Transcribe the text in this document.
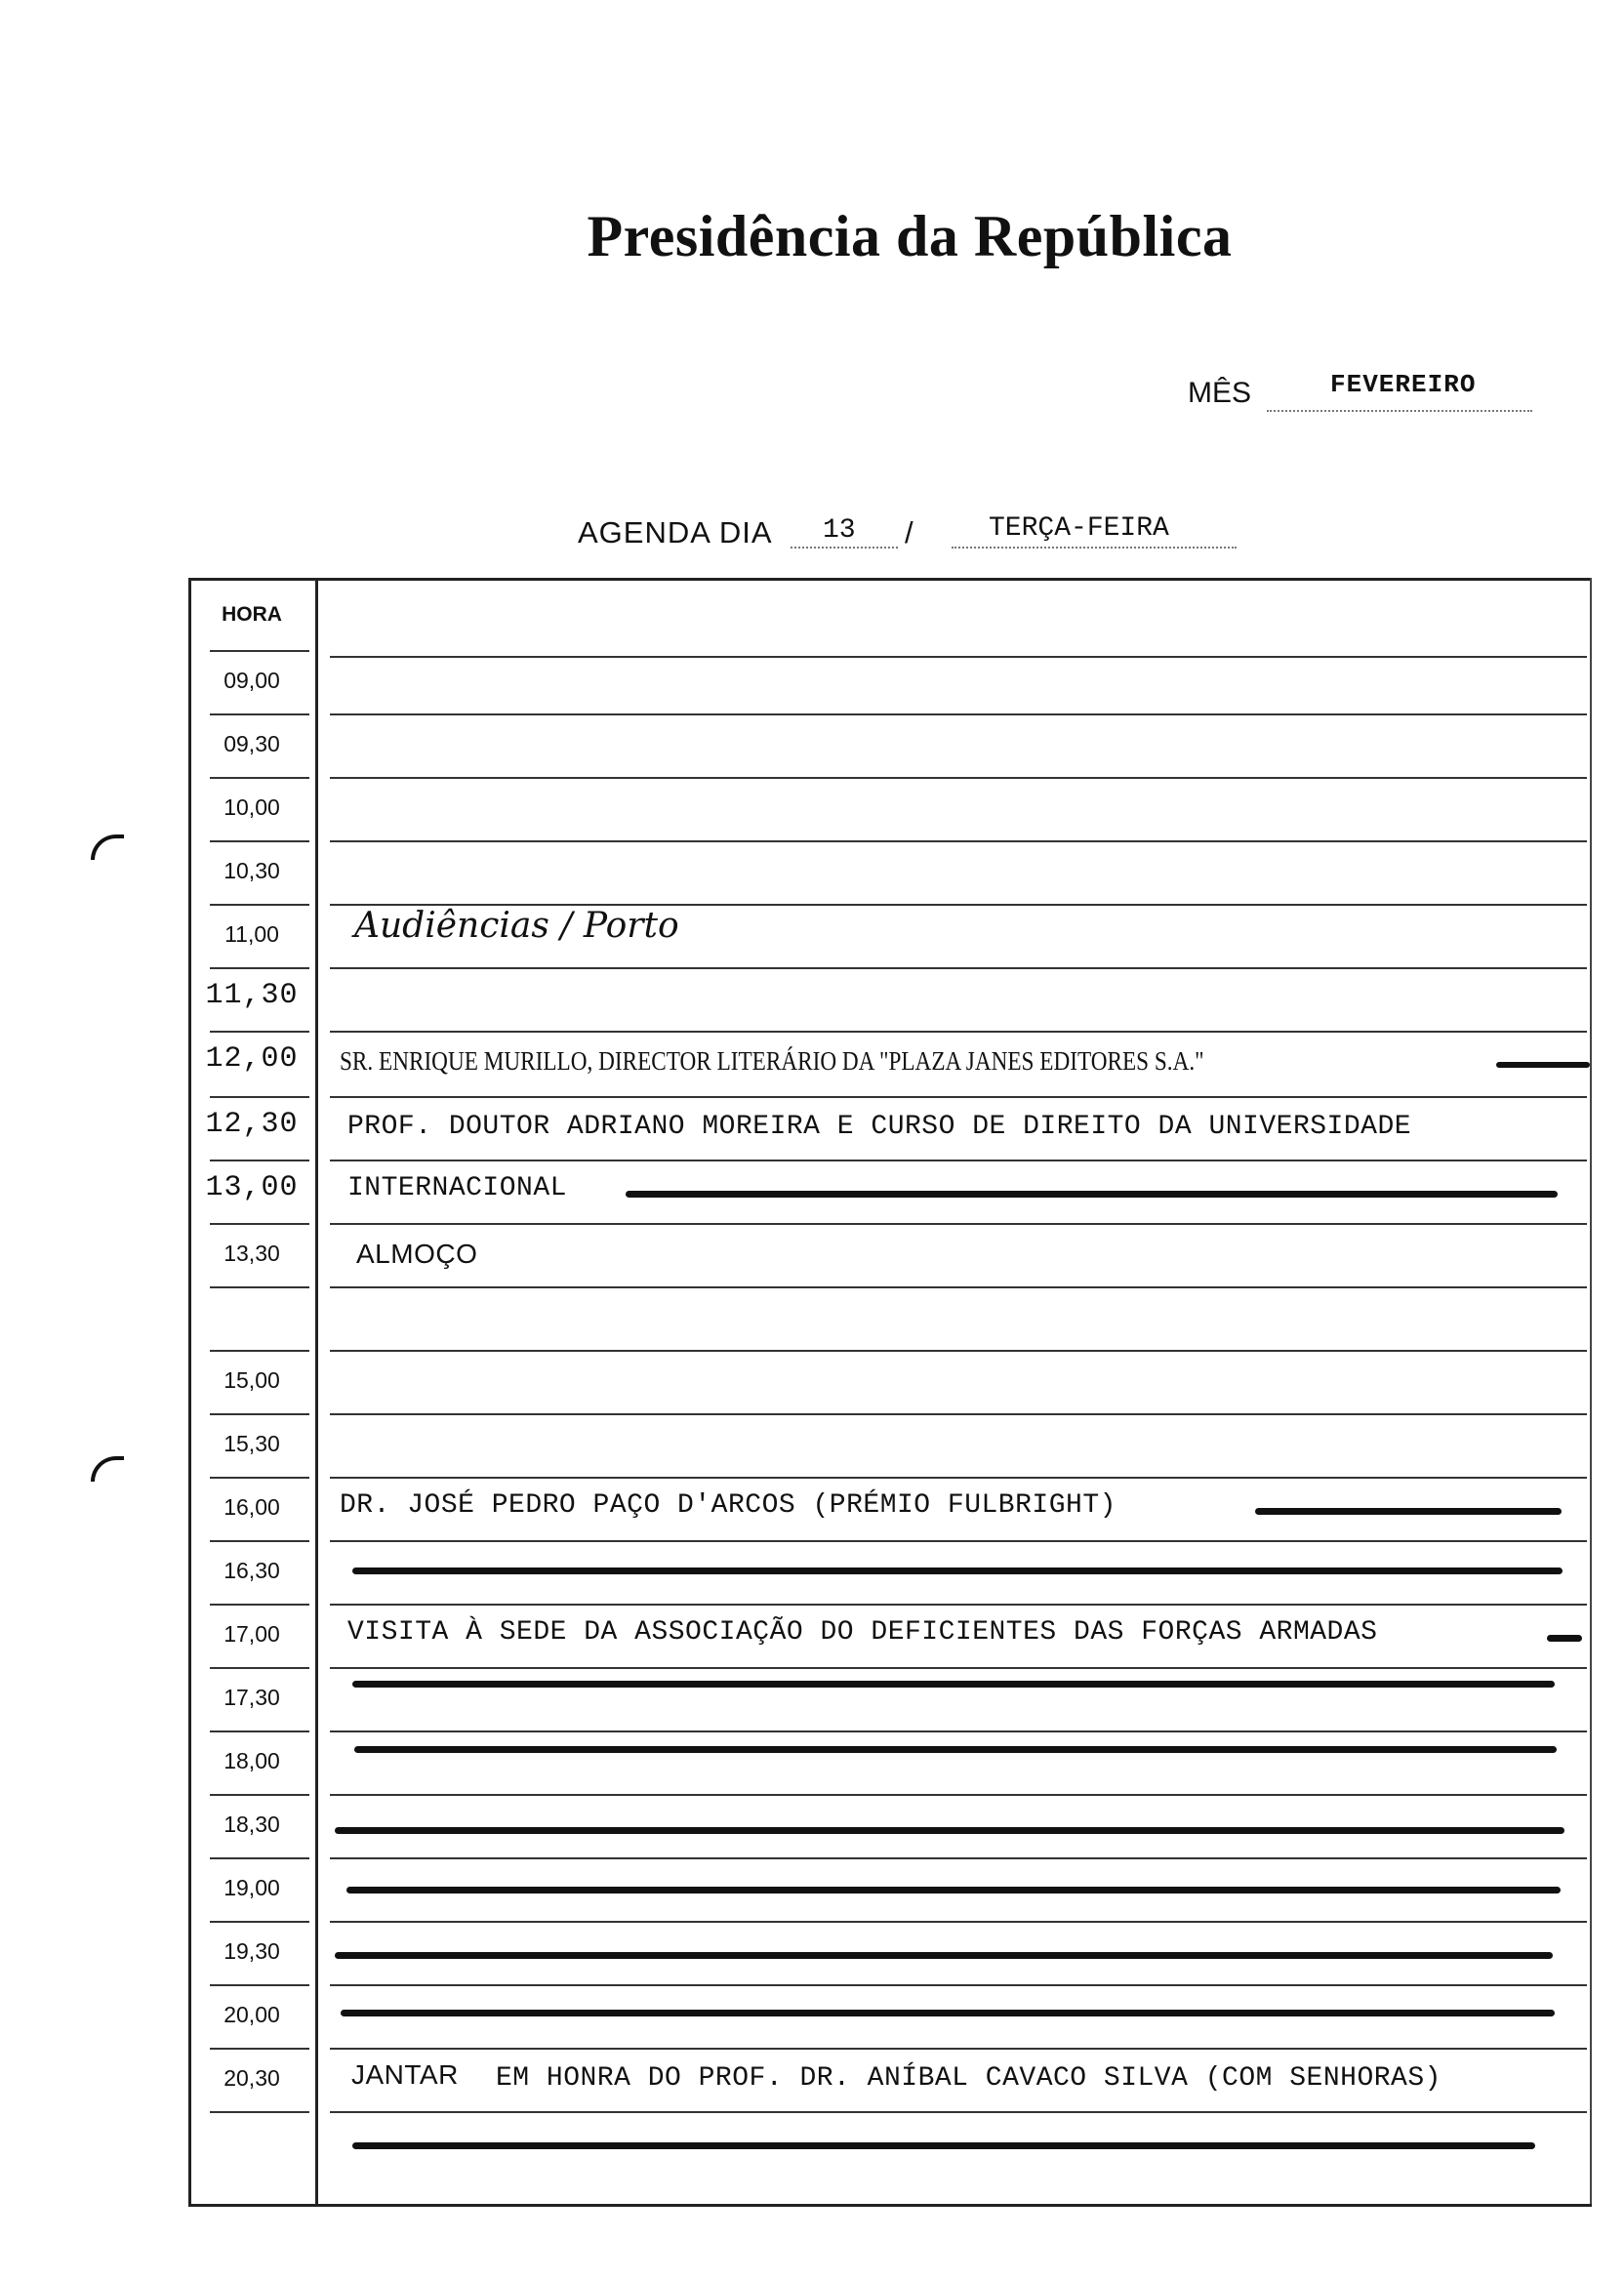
Presidência da República
MÊS	FEVEREIRO
AGENDA DIA 13 /	TERÇA-FEIRA
HORA
09,00
09,30
10,00
10,30
11,00	Audiências / Porto
11,30
12,00	SR. ENRIQUE MURILLO, DIRECTOR LITERÁRIO DA "PLAZA JANES EDITORES S.A."
12,30	PROF. DOUTOR ADRIANO MOREIRA E CURSO DE DIREITO DA UNIVERSIDADE
13,00	INTERNACIONAL
13,30	ALMOÇO
15,00
15,30
16,00	DR. JOSÉ PEDRO PAÇO D'ARCOS (PRÉMIO FULBRIGHT)
16,30
17,00	VISITA À SEDE DA ASSOCIAÇÃO DO DEFICIENTES DAS FORÇAS ARMADAS
17,30
18,00
18,30
19,00
19,30
20,00
20,30	JANTAR EM HONRA DO PROF. DR. ANÍBAL CAVACO SILVA (COM SENHORAS)
